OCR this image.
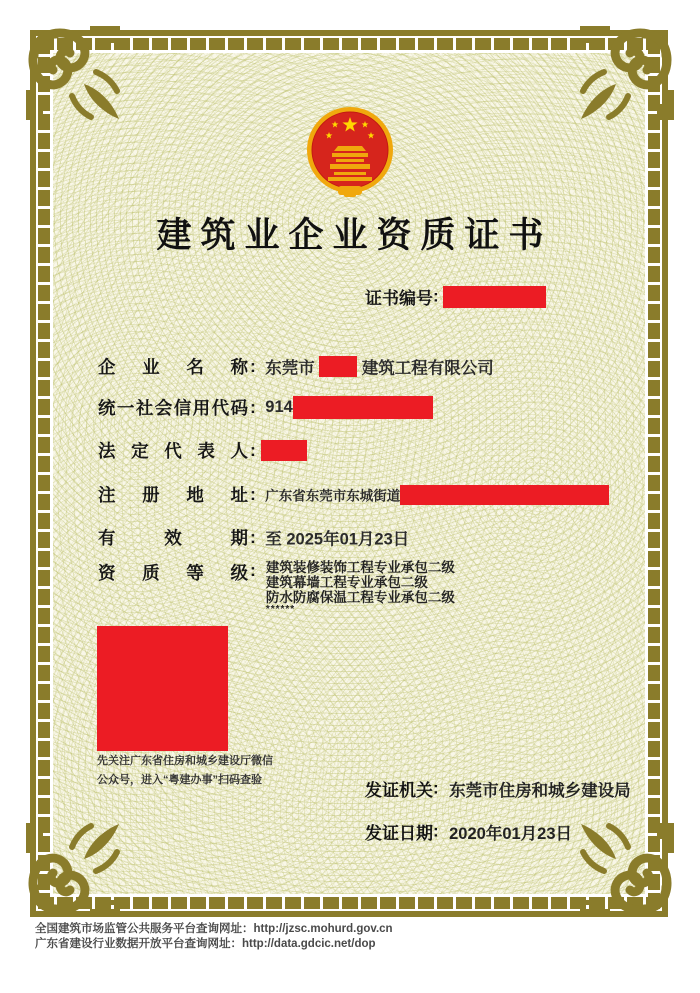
建筑业企业资质证书
证书编号:
企业名称 : 东莞市	建筑工程有限公司
统一社会信用代码 : 914
法定代表人 :
注册地址 : 广东省东莞市东城街道
有效期 : 至 2025年01月23日
资质等级 : 建筑装修装饰工程专业承包二级
建筑幕墙工程专业承包二级
防水防腐保温工程专业承包二级
******
先关注广东省住房和城乡建设厅微信
公众号，进入“粤建办事”扫码查验
发证机关: 东莞市住房和城乡建设局
发证日期: 2020年01月23日
全国建筑市场监管公共服务平台查询网址：http://jzsc.mohurd.gov.cn
广东省建设行业数据开放平台查询网址：http://data.gdcic.net/dop
